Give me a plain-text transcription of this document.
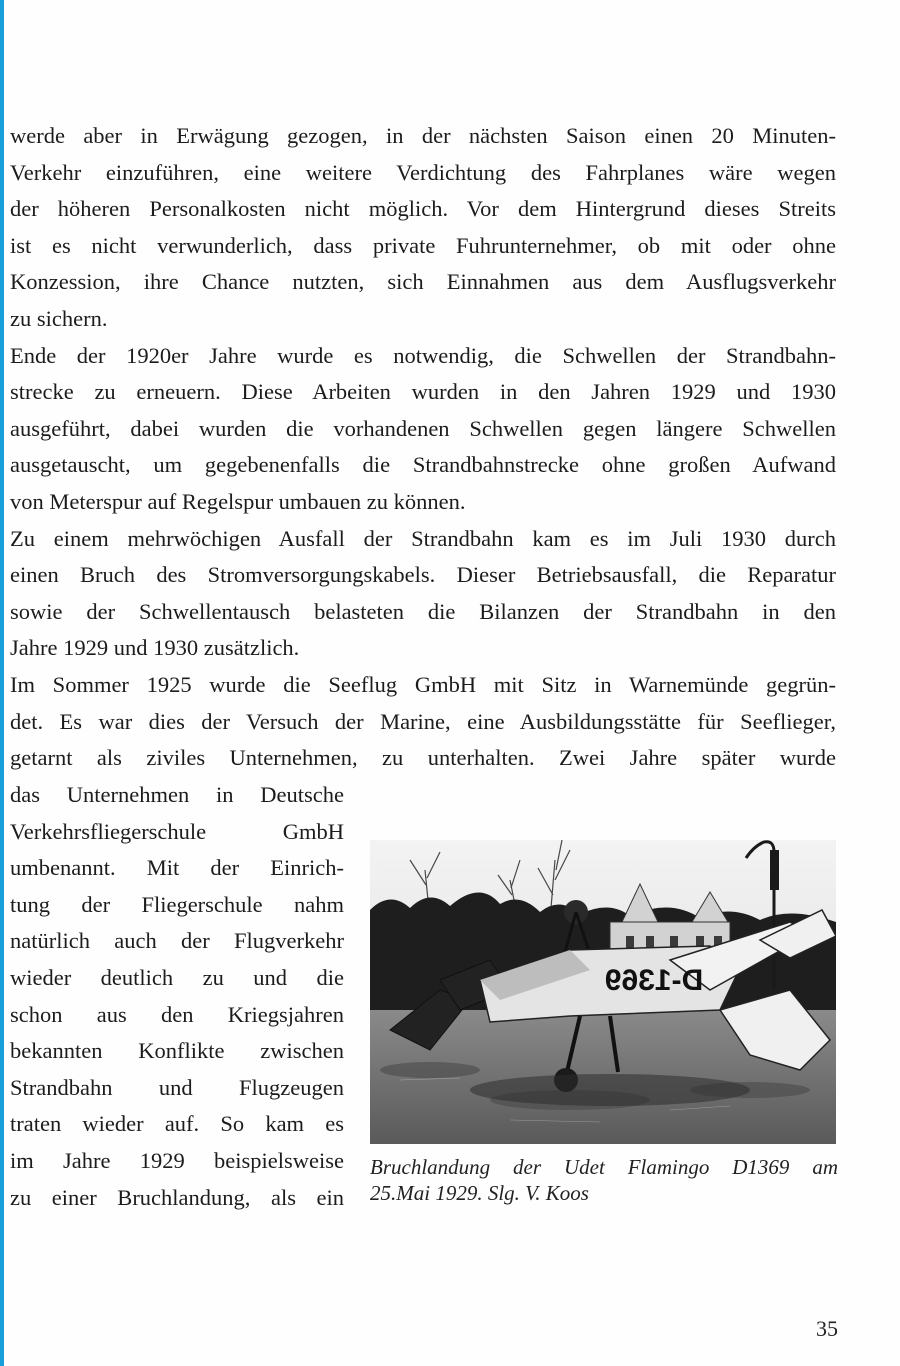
werde aber in Erwägung gezogen, in der nächsten Saison einen 20 Minuten-
Verkehr einzuführen, eine weitere Verdichtung des Fahrplanes wäre wegen
der höheren Personalkosten nicht möglich. Vor dem Hintergrund dieses Streits
ist es nicht verwunderlich, dass private Fuhrunternehmer, ob mit oder ohne
Konzession, ihre Chance nutzten, sich Einnahmen aus dem Ausflugsverkehr
zu sichern.
Ende der 1920er Jahre wurde es notwendig, die Schwellen der Strandbahn-
strecke zu erneuern. Diese Arbeiten wurden in den Jahren 1929 und 1930
ausgeführt, dabei wurden die vorhandenen Schwellen gegen längere Schwellen
ausgetauscht, um gegebenenfalls die Strandbahnstrecke ohne großen Aufwand
von Meterspur auf Regelspur umbauen zu können.
Zu einem mehrwöchigen Ausfall der Strandbahn kam es im Juli 1930 durch
einen Bruch des Stromversorgungskabels. Dieser Betriebsausfall, die Reparatur
sowie der Schwellentausch belasteten die Bilanzen der Strandbahn in den
Jahre 1929 und 1930 zusätzlich.
Im Sommer 1925 wurde die Seeflug GmbH mit Sitz in Warnemünde gegrün-
det. Es war dies der Versuch der Marine, eine Ausbildungsstätte für Seeflieger,
getarnt als ziviles Unternehmen, zu unterhalten. Zwei Jahre später wurde
das Unternehmen in Deutsche
Verkehrsfliegerschule GmbH
umbenannt. Mit der Einrich-
tung der Fliegerschule nahm
natürlich auch der Flugverkehr
wieder deutlich zu und die
schon aus den Kriegsjahren
bekannten Konflikte zwischen
Strandbahn und Flugzeugen
traten wieder auf. So kam es
im Jahre 1929 beispielsweise
zu einer Bruchlandung, als ein
D-1369
Bruchlandung der Udet Flamingo D1369 am
25.Mai 1929. Slg. V. Koos
35
